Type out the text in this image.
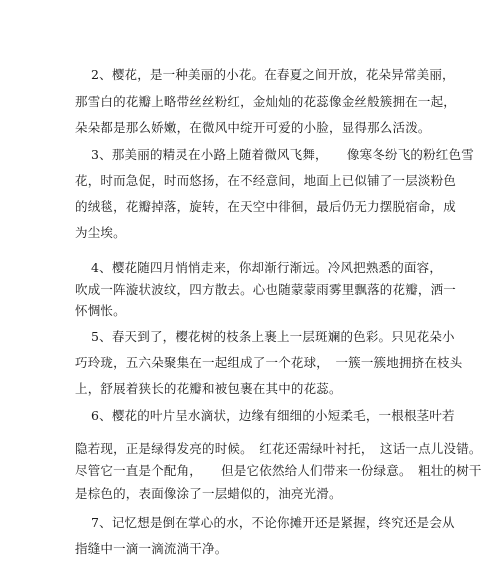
2、樱花，是一种美丽的小花。在春夏之间开放，花朵异常美丽，
那雪白的花瓣上略带丝丝粉红，金灿灿的花蕊像金丝般簇拥在一起，
朵朵都是那么娇嫩，在微风中绽开可爱的小脸，显得那么活泼。
3、那美丽的精灵在小路上随着微风飞舞，　　像寒冬纷飞的粉红色雪
花，时而急促，时而悠扬，在不经意间，地面上已似铺了一层淡粉色
的绒毯，花瓣掉落，旋转，在天空中徘徊，最后仍无力摆脱宿命，成
为尘埃。
4、樱花随四月悄悄走来，你却渐行渐远。冷风把熟悉的面容，
吹成一阵漩状波纹，四方散去。心也随蒙蒙雨雾里飘落的花瓣，洒一
怀惆怅。
5、春天到了，樱花树的枝条上裹上一层斑斓的色彩。只见花朵小
巧玲珑，五六朵聚集在一起组成了一个花球，　一簇一簇地拥挤在枝头
上，舒展着狭长的花瓣和被包裹在其中的花蕊。
6、樱花的叶片呈水滴状，边缘有细细的小短柔毛，一根根茎叶若
隐若现，正是绿得发亮的时候。　红花还需绿叶衬托，　这话一点儿没错。
尽管它一直是个配角，　　但是它依然给人们带来一份绿意。　粗壮的树干
是棕色的，表面像涂了一层蜡似的，油亮光滑。
7、记忆想是倒在掌心的水，不论你摊开还是紧握，终究还是会从
指缝中一滴一滴流淌干净。
